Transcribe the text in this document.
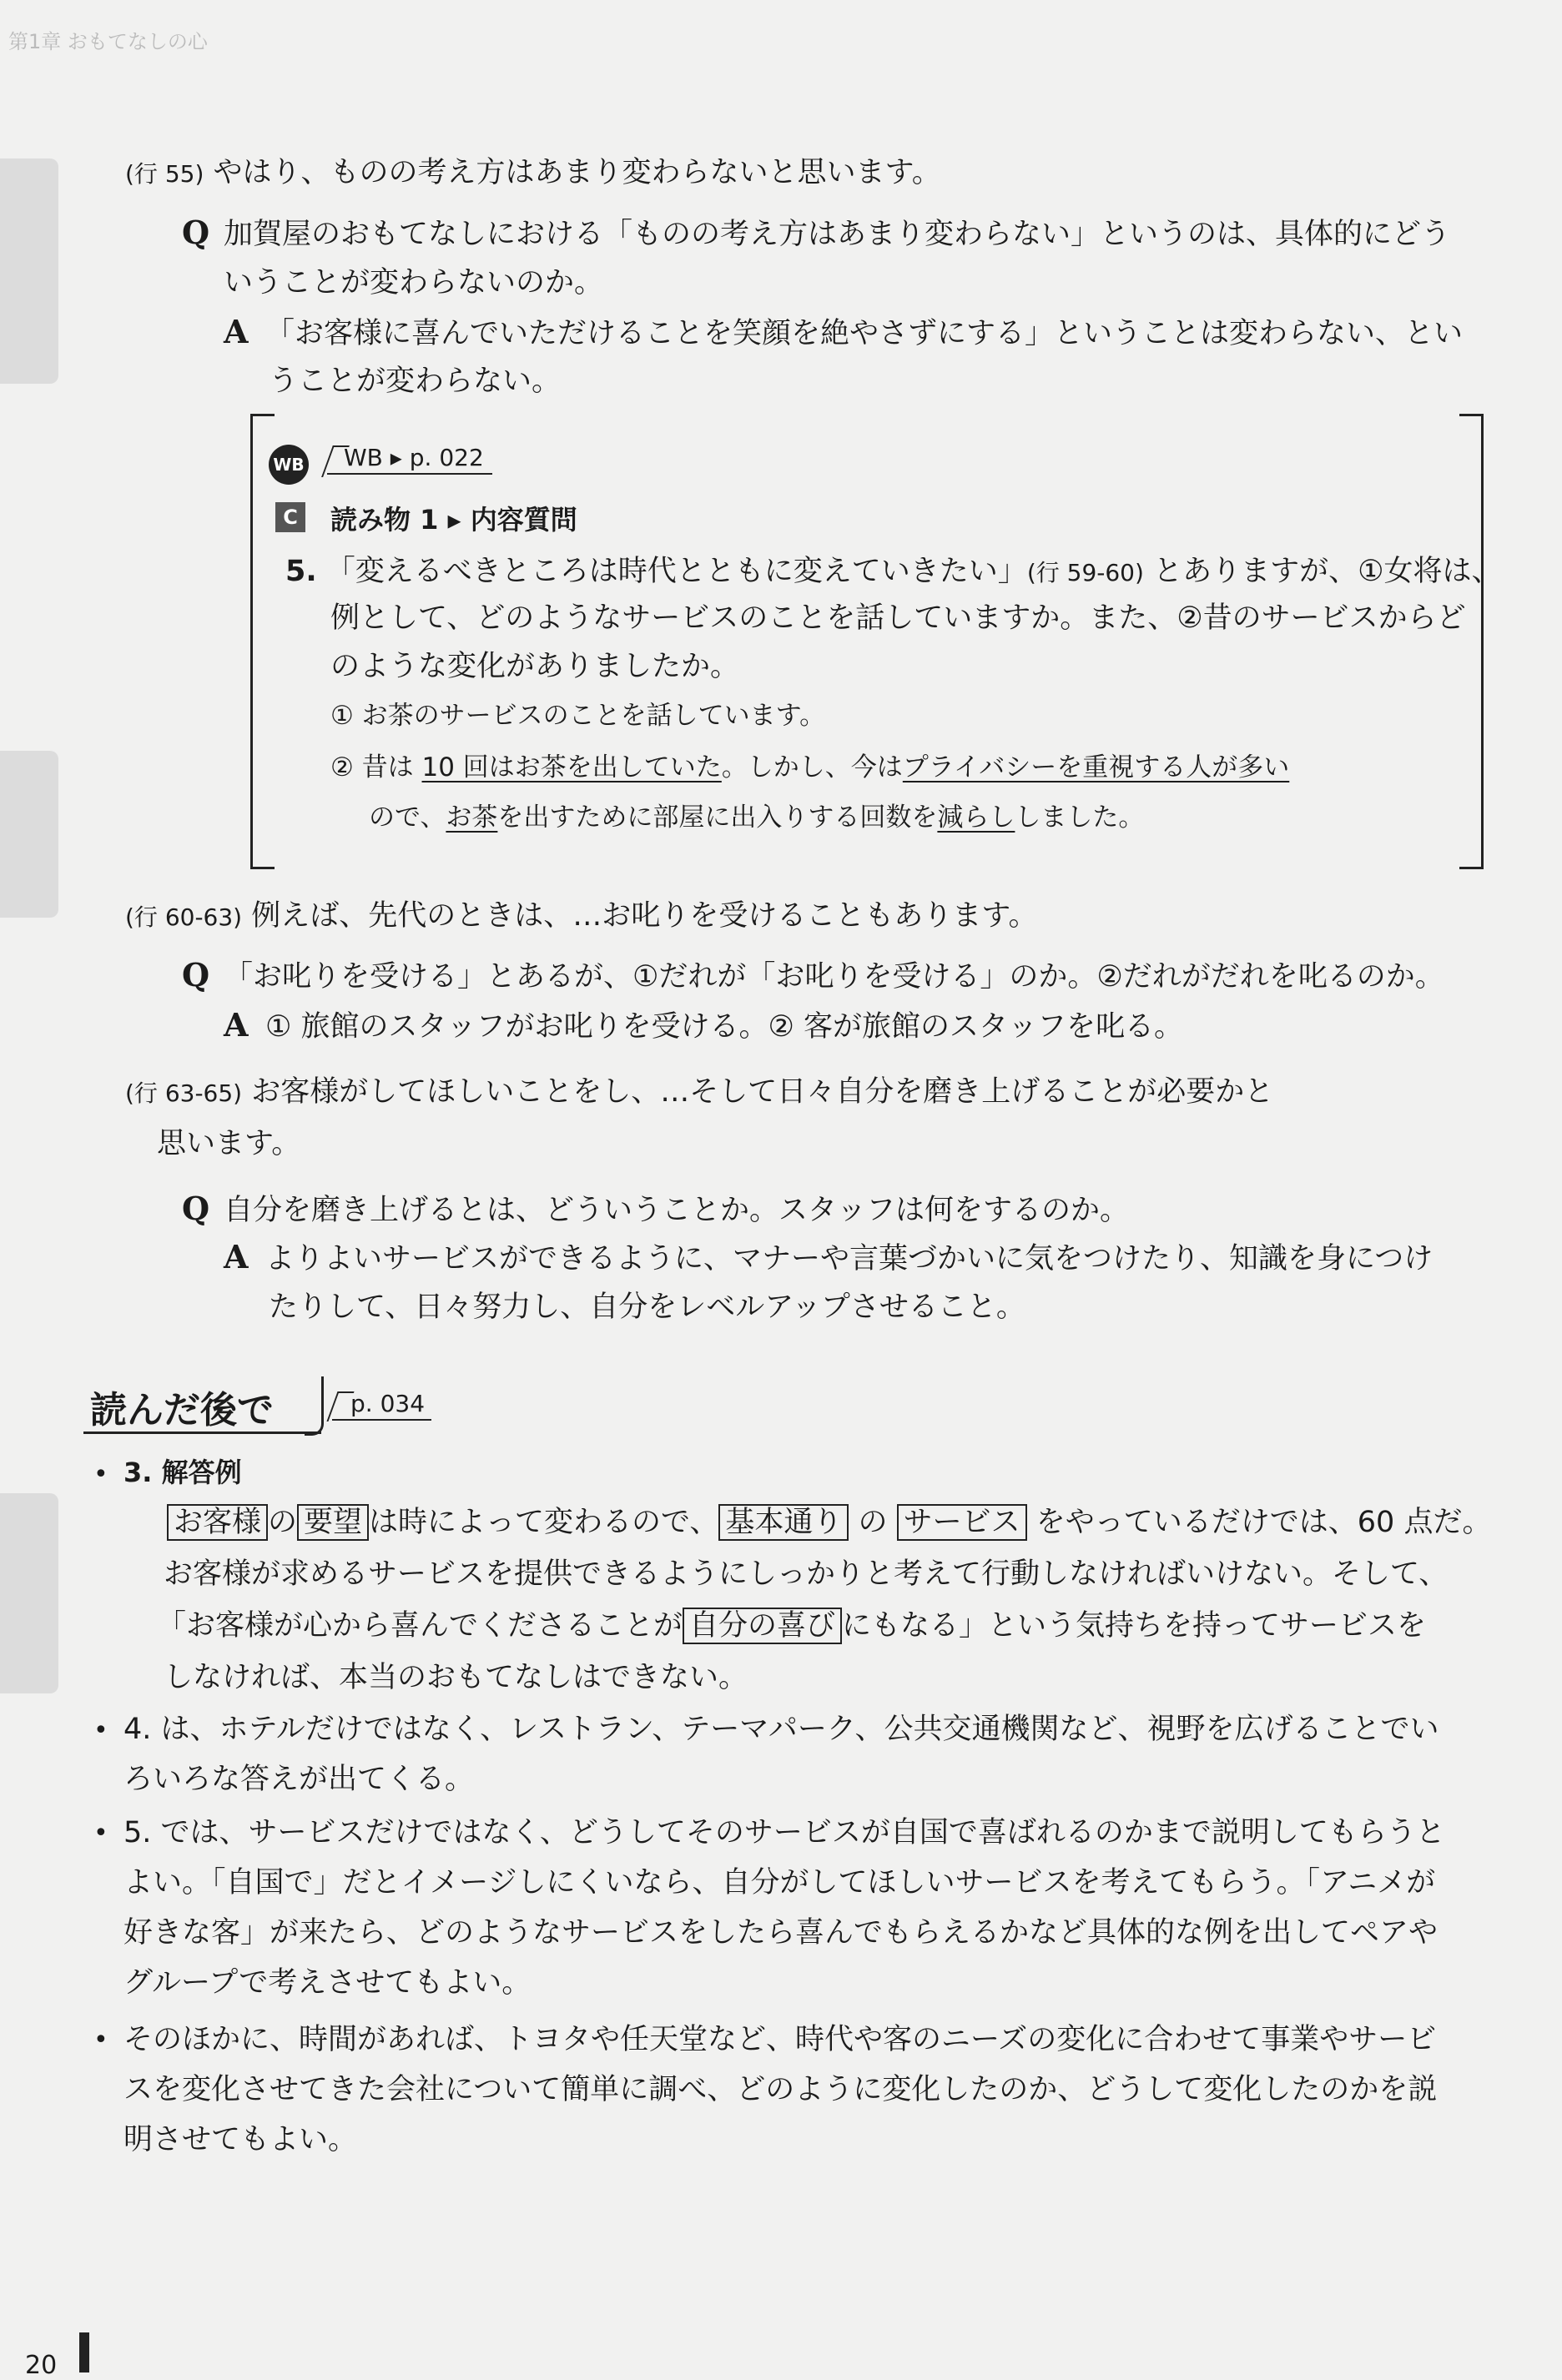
第1章 おもてなしの心
(行 55) やはり、ものの考え方はあまり変わらないと思います。
Q 加賀屋のおもてなしにおける「ものの考え方はあまり変わらない」というのは、具体的にどう
いうことが変わらないのか。
A 「お客様に喜んでいただけることを笑顔を絶やさずにする」ということは変わらない、とい
うことが変わらない。
WB	WB ▸ p. 022
C 読み物 1 ▸ 内容質問
5. 「変えるべきところは時代とともに変えていきたい」(行 59-60) とありますが、①女将は、
例として、どのようなサービスのことを話していますか。また、②昔のサービスからど
のような変化がありましたか。
① お茶のサービスのことを話しています。
② 昔は 10 回はお茶を出していた。しかし、今はプライバシーを重視する人が多い
ので、お茶を出すために部屋に出入りする回数を減らししました。
(行 60-63) 例えば、先代のときは、…お叱りを受けることもあります。
Q 「お叱りを受ける」とあるが、①だれが「お叱りを受ける」のか。②だれがだれを叱るのか。
A ① 旅館のスタッフがお叱りを受ける。② 客が旅館のスタッフを叱る。
(行 63-65) お客様がしてほしいことをし、…そして日々自分を磨き上げることが必要かと
思います。
Q 自分を磨き上げるとは、どういうことか。スタッフは何をするのか。
A よりよいサービスができるように、マナーや言葉づかいに気をつけたり、知識を身につけ
たりして、日々努力し、自分をレベルアップさせること。
読んだ後で	p. 034
• 3. 解答例
お客様 の 要望 は時によって変わるので、 基本通り の サービス をやっているだけでは、60 点だ。
お客様が求めるサービスを提供できるようにしっかりと考えて行動しなければいけない。そして、
「お客様が心から喜んでくださることが 自分の喜び にもなる」という気持ちを持ってサービスを
しなければ、本当のおもてなしはできない。
• 4. は、ホテルだけではなく、レストラン、テーマパーク、公共交通機関など、視野を広げることでい
ろいろな答えが出てくる。
• 5. では、サービスだけではなく、どうしてそのサービスが自国で喜ばれるのかまで説明してもらうと
よい。「自国で」だとイメージしにくいなら、自分がしてほしいサービスを考えてもらう。「アニメが
好きな客」が来たら、どのようなサービスをしたら喜んでもらえるかなど具体的な例を出してペアや
グループで考えさせてもよい。
• そのほかに、時間があれば、トヨタや任天堂など、時代や客のニーズの変化に合わせて事業やサービ
スを変化させてきた会社について簡単に調べ、どのように変化したのか、どうして変化したのかを説
明させてもよい。
20
